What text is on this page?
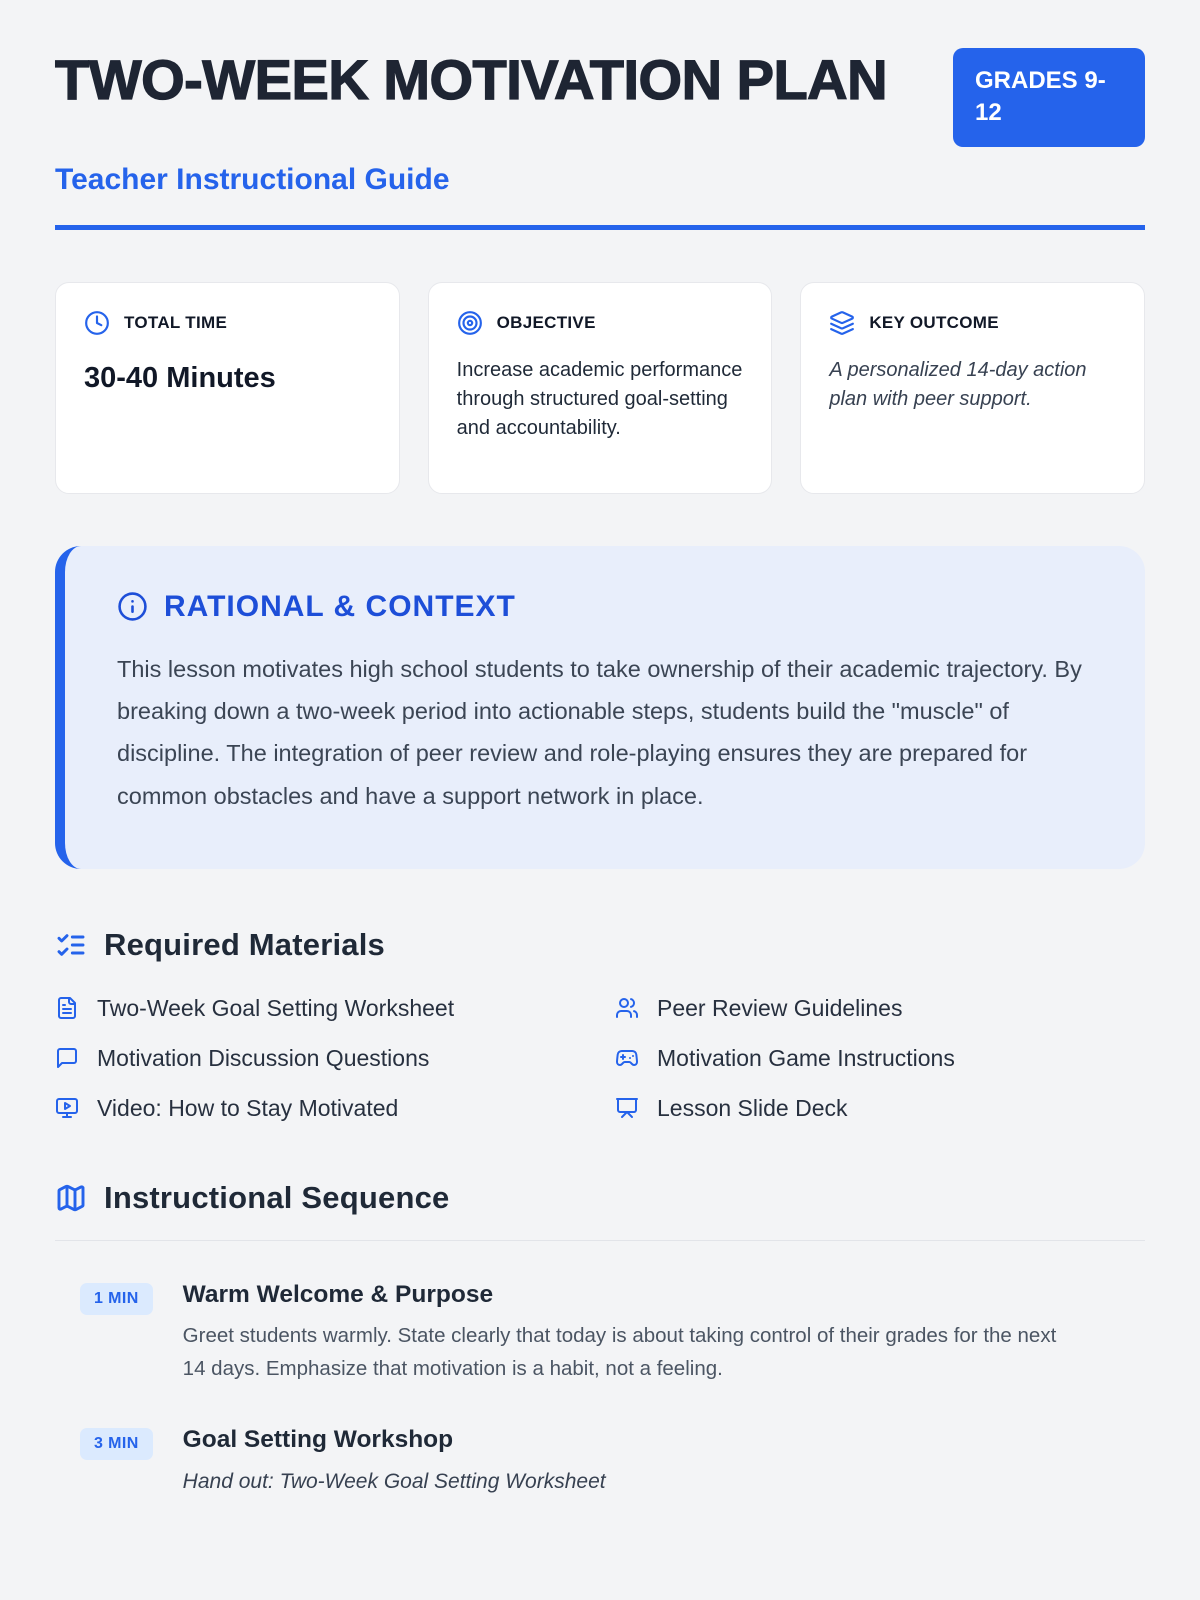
TWO-WEEK MOTIVATION PLAN	GRADES 9-12
Teacher Instructional Guide
TOTAL TIME
30-40 Minutes
OBJECTIVE
Increase academic performance through structured goal-setting and accountability.
KEY OUTCOME
A personalized 14-day action plan with peer support.
RATIONAL & CONTEXT

This lesson motivates high school students to take ownership of their academic trajectory. By breaking down a two-week period into actionable steps, students build the "muscle" of discipline. The integration of peer review and role-playing ensures they are prepared for common obstacles and have a support network in place.

Required Materials
Two-Week Goal Setting Worksheet
Motivation Discussion Questions
Video: How to Stay Motivated
Peer Review Guidelines
Motivation Game Instructions
Lesson Slide Deck
Instructional Sequence
1 MIN	Warm Welcome & Purpose

Greet students warmly. State clearly that today is about taking control of their grades for the next 14 days. Emphasize that motivation is a habit, not a feeling.

3 MIN	Goal Setting Workshop

Hand out: Two-Week Goal Setting Worksheet
